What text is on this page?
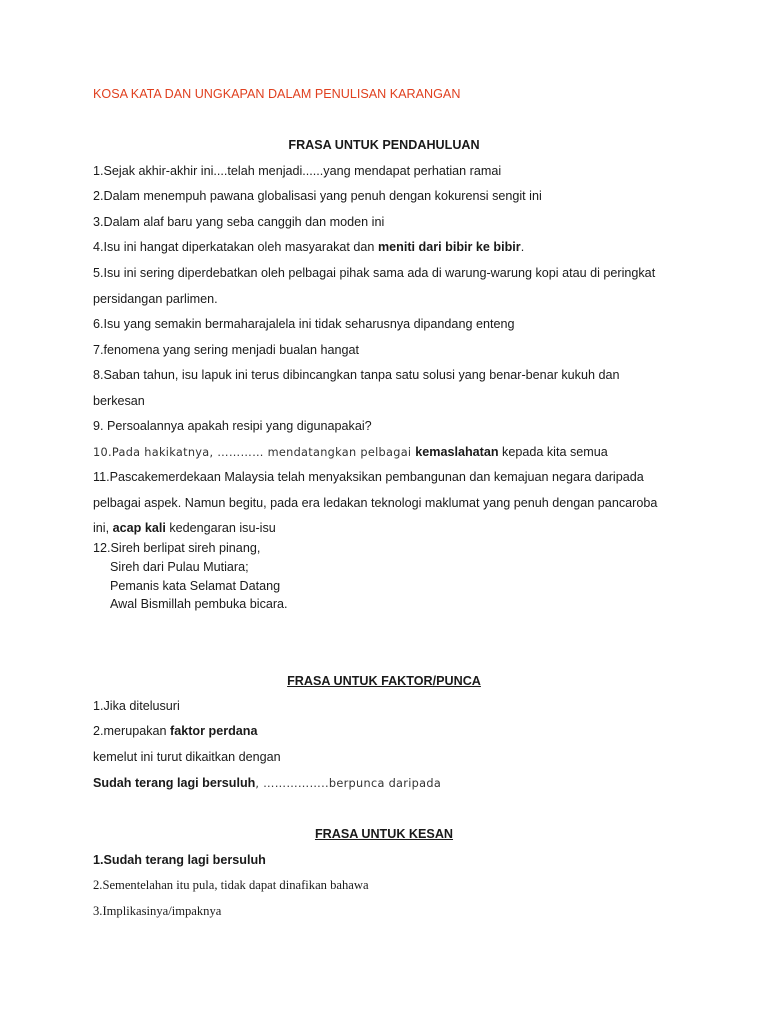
KOSA KATA DAN UNGKAPAN DALAM PENULISAN KARANGAN
FRASA UNTUK PENDAHULUAN
1.Sejak akhir-akhir ini....telah menjadi......yang mendapat perhatian ramai
2.Dalam menempuh pawana globalisasi yang penuh dengan kokurensi sengit ini
3.Dalam alaf baru yang seba canggih dan moden ini
4.Isu ini hangat diperkatakan oleh masyarakat dan meniti dari bibir ke bibir.
5.Isu ini sering diperdebatkan oleh pelbagai pihak sama ada di warung-warung kopi atau di peringkat
persidangan parlimen.
6.Isu yang semakin bermaharajalela ini tidak seharusnya dipandang enteng
7.fenomena yang sering menjadi bualan hangat
8.Saban tahun, isu lapuk ini terus dibincangkan tanpa satu solusi yang benar-benar kukuh dan
berkesan
9. Persoalannya apakah resipi yang digunapakai?
10.Pada hakikatnya, ………… mendatangkan pelbagai kemaslahatan kepada kita semua
11.Pascakemerdekaan Malaysia telah menyaksikan pembangunan dan kemajuan negara daripada
pelbagai aspek. Namun begitu, pada era ledakan teknologi maklumat yang penuh dengan pancaroba
ini, acap kali kedengaran isu-isu
12.Sireh berlipat sireh pinang,
Sireh dari Pulau Mutiara;
Pemanis kata Selamat Datang
Awal Bismillah pembuka bicara.
FRASA UNTUK FAKTOR/PUNCA
1.Jika ditelusuri
2.merupakan faktor perdana
kemelut ini turut dikaitkan dengan
Sudah terang lagi bersuluh, ……………..berpunca daripada
FRASA UNTUK KESAN
1.Sudah terang lagi bersuluh
2.Sementelahan itu pula, tidak dapat dinafikan bahawa
3.Implikasinya/impaknya
